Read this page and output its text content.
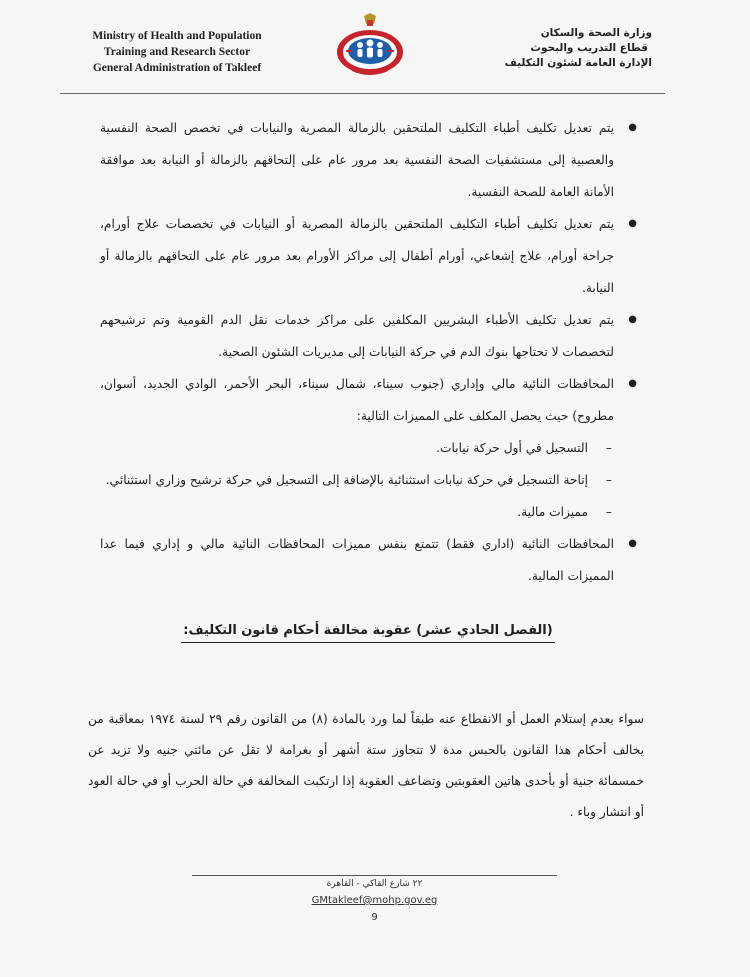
Ministry of Health and Population
Training and Research Sector
General Administration of Takleef
وزارة الصحة والسكان
قطاع التدريب والبحوث
الإدارة العامة لشئون التكليف
● يتم تعديل تكليف أطباء التكليف الملتحقين بالزمالة المصرية والنيابات في تخصص الصحة النفسية والعصبية إلى مستشفيات الصحة النفسية بعد مرور عام على إلتحاقهم بالزمالة أو النيابة بعد موافقة الأمانة العامة للصحة النفسية.
● يتم تعديل تكليف أطباء التكليف الملتحقين بالزمالة المصرية أو النيابات في تخصصات علاج أورام، جراحة أورام، علاج إشعاعي، أورام أطفال إلى مراكز الأورام بعد مرور عام على التحاقهم بالزمالة أو النيابة.
● يتم تعديل تكليف الأطباء البشريين المكلفين على مراكز خدمات نقل الدم القومية وتم ترشيحهم لتخصصات لا تحتاجها بنوك الدم في حركة النيابات إلى مديريات الشئون الصحية.
● المحافظات النائية مالي وإداري (جنوب سيناء، شمال سيناء، البحر الأحمر، الوادي الجديد، أسوان، مطروح) حيث يحصل المكلف على المميزات التالية:
– التسجيل في أول حركة نيابات.
– إتاحة التسجيل في حركة نيابات استثنائية بالإضافة إلى التسجيل في حركة ترشيح وزاري استثنائي.
– مميزات مالية.
● المحافظات النائية (اداري فقط) تتمتع بنفس مميزات المحافظات النائية مالي و إداري فيما عدا المميزات المالية.
(الفصل الحادي عشر) عقوبة مخالفة أحكام قانون التكليف:
سواء بعدم إستلام العمل أو الانقطاع عنه طبقاً لما ورد بالمادة (٨) من القانون رقم ٢٩ لسنة ١٩٧٤ بمعاقبة من يخالف أحكام هذا القانون بالحبس مدة لا تتجاوز ستة أشهر أو بغرامة لا تقل عن مائتي جنيه ولا تزيد عن خمسمائة جنية أو بأحدى هاتين العقوبتين وتضاعف العقوبة إذا ارتكبت المخالفة في حالة الحرب أو في حالة العود أو انتشار وباء .
٢٢ شارع القاكي - القاهرة
GMtakleef@mohp.gov.eg
9
